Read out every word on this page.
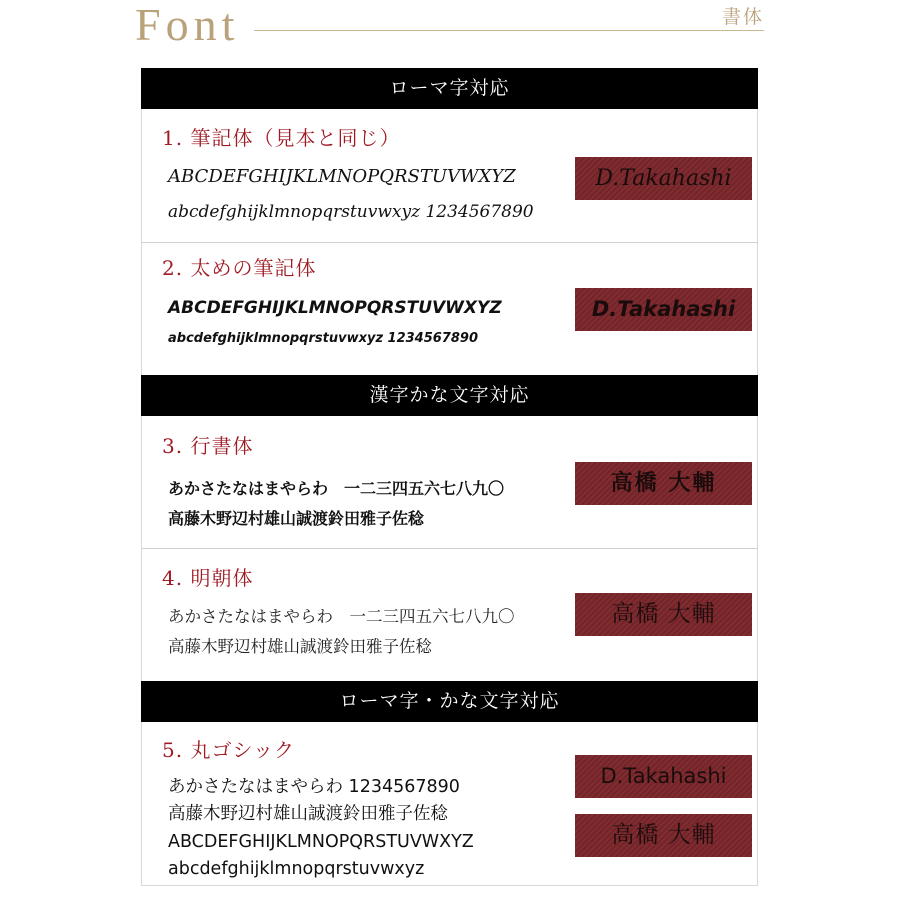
Font	書体
ローマ字対応
1. 筆記体（見本と同じ）
ABCDEFGHIJKLMNOPQRSTUVWXYZ
abcdefghijklmnopqrstuvwxyz 1234567890
D.Takahashi
2. 太めの筆記体
ABCDEFGHIJKLMNOPQRSTUVWXYZ
abcdefghijklmnopqrstuvwxyz 1234567890
D.Takahashi
漢字かな文字対応
3. 行書体
あかさたなはまやらわ　一二三四五六七八九〇
高藤木野辺村雄山誠渡鈴田雅子佐稔
高橋 大輔
4. 明朝体
あかさたなはまやらわ　一二三四五六七八九〇
高藤木野辺村雄山誠渡鈴田雅子佐稔
高橋 大輔
ローマ字・かな文字対応
5. 丸ゴシック
あかさたなはまやらわ 1234567890
高藤木野辺村雄山誠渡鈴田雅子佐稔
ABCDEFGHIJKLMNOPQRSTUVWXYZ
abcdefghijklmnopqrstuvwxyz
D.Takahashi
高橋 大輔
